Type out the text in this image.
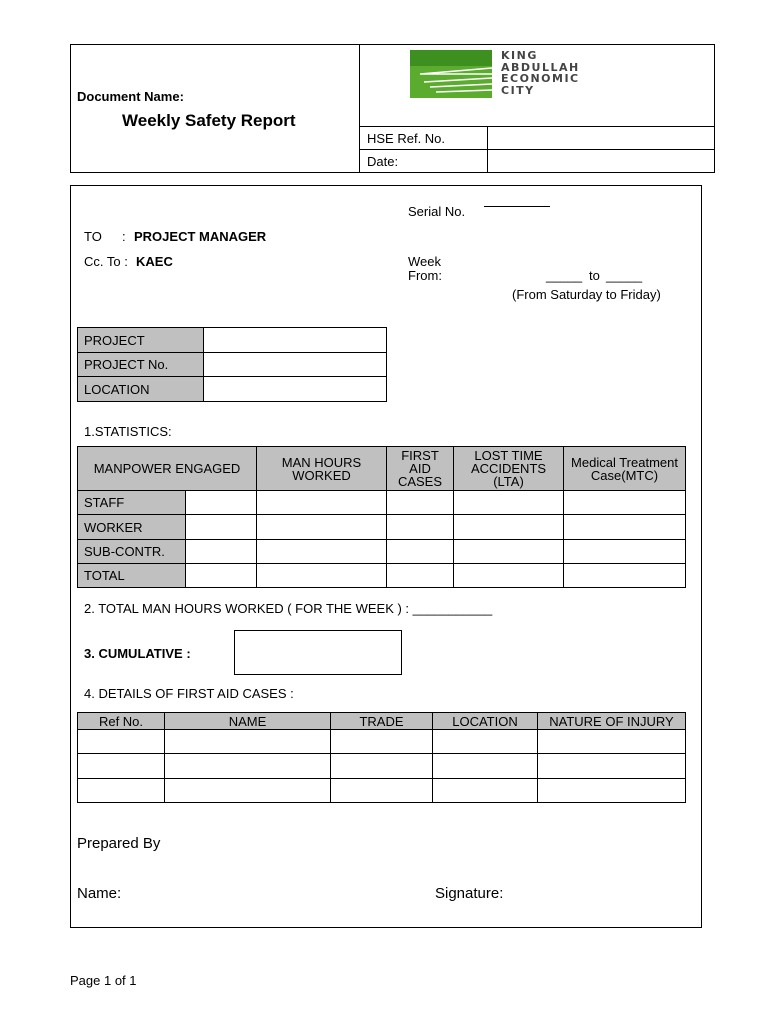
Document Name:
Weekly Safety Report
KING
ABDULLAH
ECONOMIC
CITY
HSE Ref. No.
Date:
Serial No.
TO : PROJECT MANAGER
Cc. To : KAEC	Week
From:	_____ to _____
(From Saturday to Friday)
PROJECT	
PROJECT No.	
LOCATION	
1.STATISTICS:
MANPOWER ENGAGED		MAN HOURS WORKED	FIRST AID CASES	LOST TIME ACCIDENTS (LTA)	Medical Treatment Case(MTC)
STAFF					
WORKER					
SUB-CONTR.					
TOTAL					
2. TOTAL MAN HOURS WORKED ( FOR THE WEEK ) : ___________
3. CUMULATIVE :
4. DETAILS OF FIRST AID CASES :
Ref No.	NAME	TRADE	LOCATION	NATURE OF INJURY

Prepared By
Name:	Signature:
Page 1 of 1
